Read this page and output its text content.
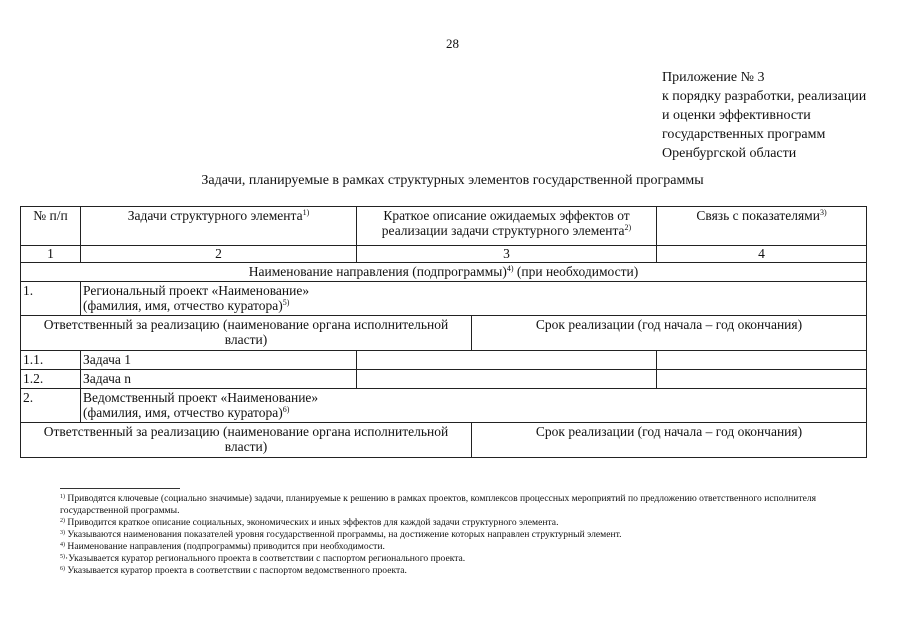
28
Приложение № 3
к порядку разработки, реализации
и оценки эффективности
государственных программ
Оренбургской области
Задачи, планируемые в рамках структурных элементов государственной программы
№ п/п	Задачи структурного элемента$^{1)}$	Краткое описание ожидаемых эффектов от реализации задачи структурного элемента$^{2)}$		Связь с показателями$^{3)}$
1	2	3		4
Наименование направления (подпрограммы)$^{4)}$ (при необходимости)				
1.	Региональный проект «Наименование»
(фамилия, имя, отчество куратора)$^{5)}$

Ответственный за реализацию (наименование органа исполнительной власти)			Срок реализации (год начала – год окончания)	
1.1.	Задача 1			
1.2.	Задача n			
2.	Ведомственный проект «Наименование»
(фамилия, имя, отчество куратора)$^{6)}$

Ответственный за реализацию (наименование органа исполнительной власти)			Срок реализации (год начала – год окончания)	

$^{1)}$ Приводятся ключевые (социально значимые) задачи, планируемые к решению в рамках проектов, комплексов процессных мероприятий по предложению ответственного исполнителя государственной программы.

$^{2)}$ Приводится краткое описание социальных, экономических и иных эффектов для каждой задачи структурного элемента.

$^{3)}$ Указываются наименования показателей уровня государственной программы, на достижение которых направлен структурный элемент.

$^{4)}$ Наименование направления (подпрограммы) приводится при необходимости.

$^{5)}$·Указывается куратор регионального проекта в соответствии с паспортом регионального проекта.

$^{6)}$ Указывается куратор проекта в соответствии с паспортом ведомственного проекта.
